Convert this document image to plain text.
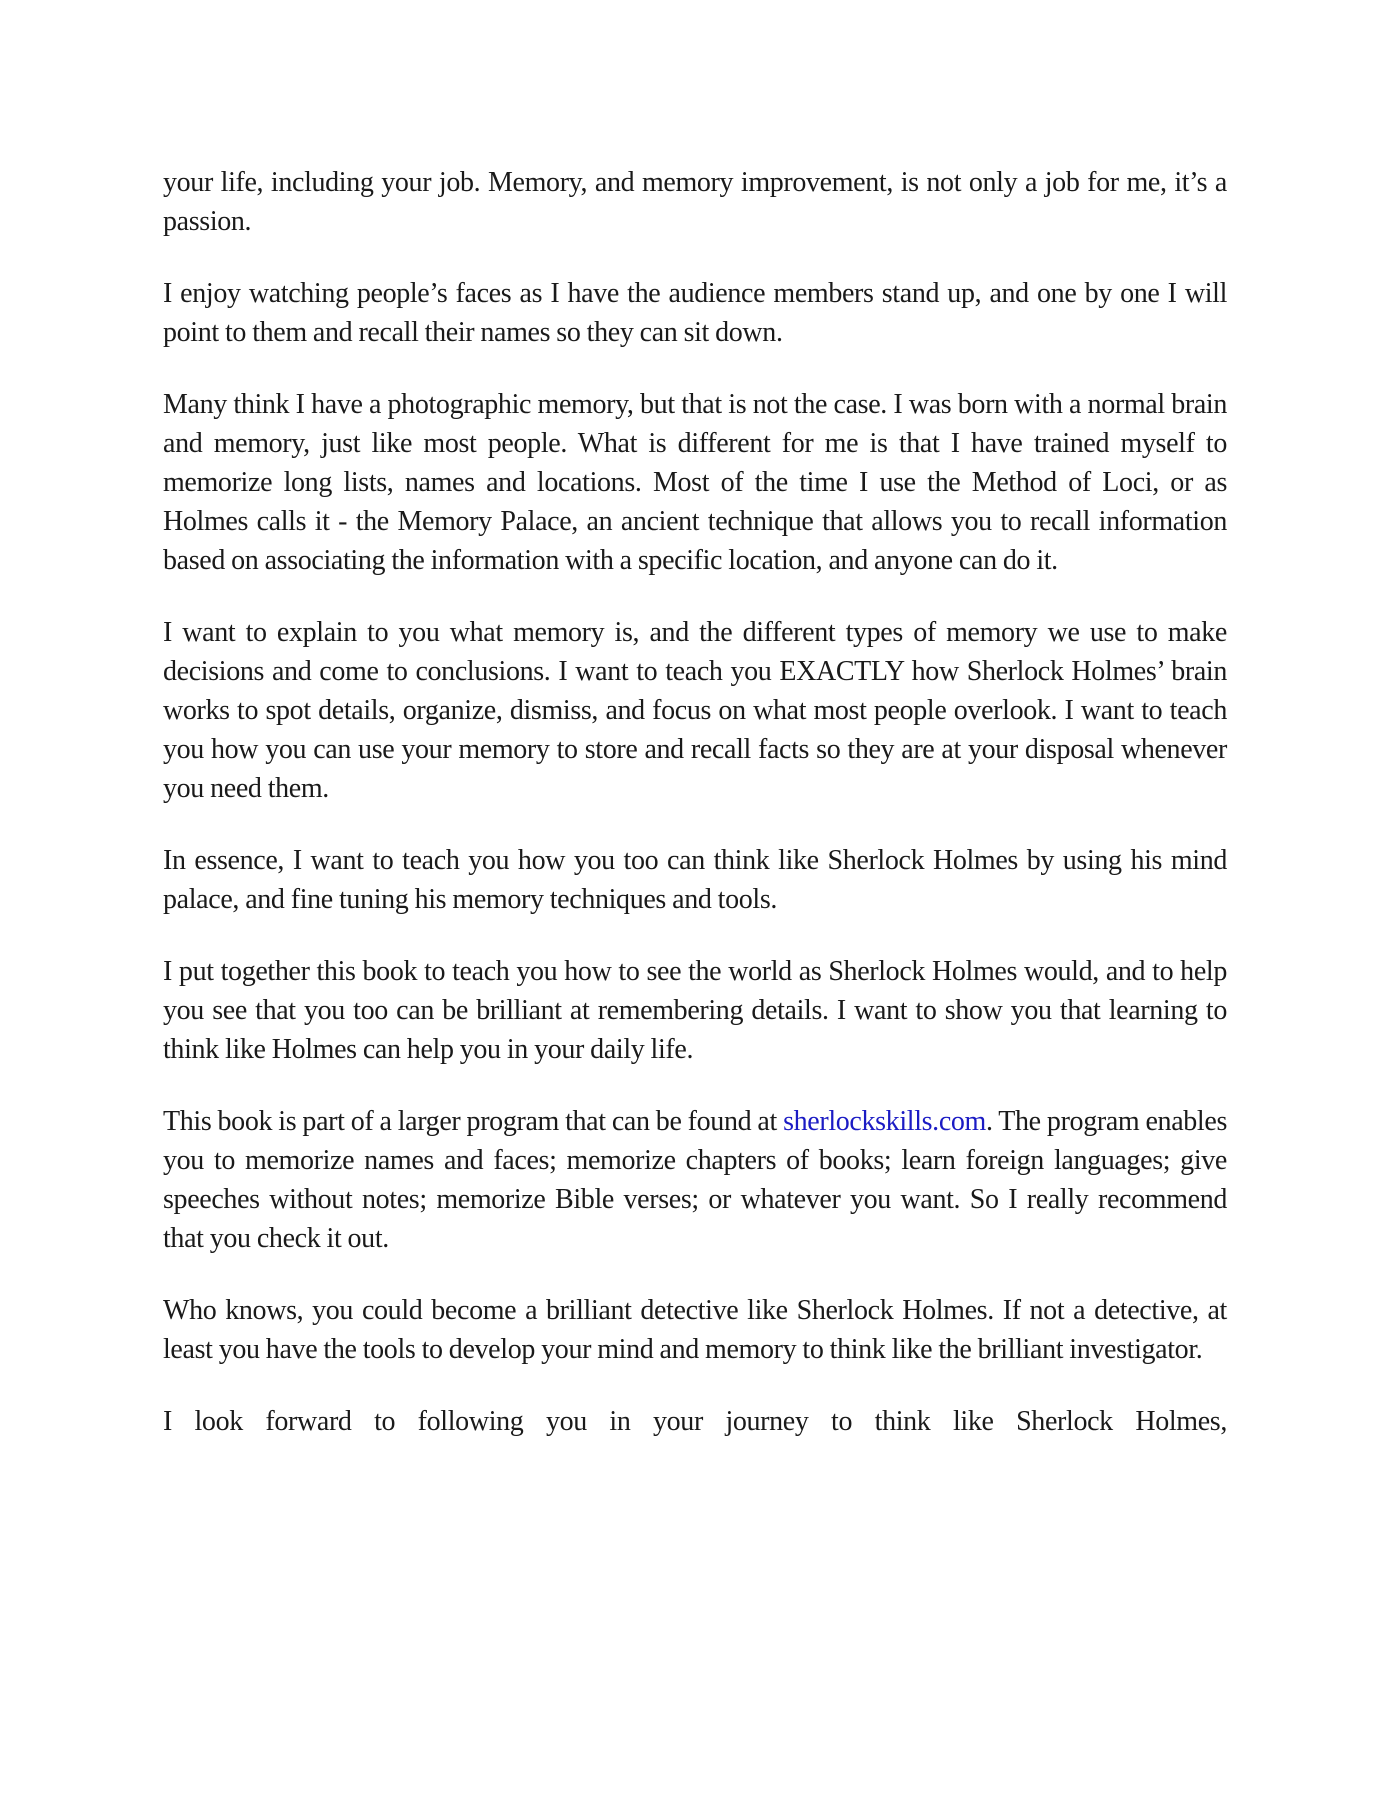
your life, including your job. Memory, and memory improvement, is not only a job for me, it’s a passion.

I enjoy watching people’s faces as I have the audience members stand up, and one by one I will point to them and recall their names so they can sit down.

Many think I have a photographic memory, but that is not the case. I was born with a normal brain and memory, just like most people. What is different for me is that I have trained myself to memorize long lists, names and locations. Most of the time I use the Method of Loci, or as Holmes calls it - the Memory Palace, an ancient technique that allows you to recall information based on associating the information with a specific location, and anyone can do it.

I want to explain to you what memory is, and the different types of memory we use to make decisions and come to conclusions. I want to teach you EXACTLY how Sherlock Holmes’ brain works to spot details, organize, dismiss, and focus on what most people overlook. I want to teach you how you can use your memory to store and recall facts so they are at your disposal whenever you need them.

In essence, I want to teach you how you too can think like Sherlock Holmes by using his mind palace, and fine tuning his memory techniques and tools.

I put together this book to teach you how to see the world as Sherlock Holmes would, and to help you see that you too can be brilliant at remembering details. I want to show you that learning to think like Holmes can help you in your daily life.

This book is part of a larger program that can be found at sherlockskills.com. The program enables you to memorize names and faces; memorize chapters of books; learn foreign languages; give speeches without notes; memorize Bible verses; or whatever you want. So I really recommend that you check it out.

Who knows, you could become a brilliant detective like Sherlock Holmes. If not a detective, at least you have the tools to develop your mind and memory to think like the brilliant investigator.

I look forward to following you in your journey to think like Sherlock Holmes,
